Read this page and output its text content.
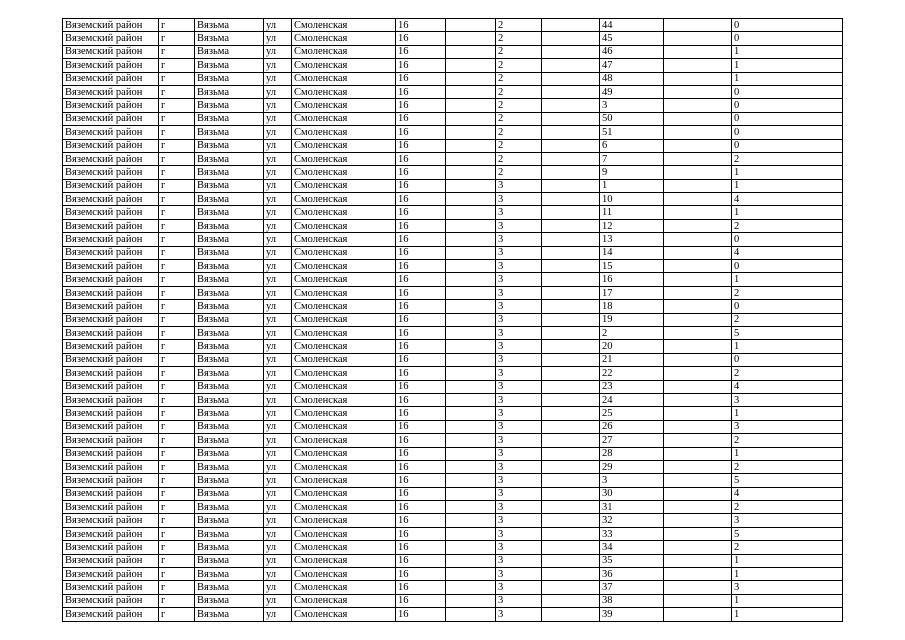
Вяземский район	г	Вязьма	ул	Смоленская	16		2		44		0
Вяземский район	г	Вязьма	ул	Смоленская	16		2		45		0
Вяземский район	г	Вязьма	ул	Смоленская	16		2		46		1
Вяземский район	г	Вязьма	ул	Смоленская	16		2		47		1
Вяземский район	г	Вязьма	ул	Смоленская	16		2		48		1
Вяземский район	г	Вязьма	ул	Смоленская	16		2		49		0
Вяземский район	г	Вязьма	ул	Смоленская	16		2		3		0
Вяземский район	г	Вязьма	ул	Смоленская	16		2		50		0
Вяземский район	г	Вязьма	ул	Смоленская	16		2		51		0
Вяземский район	г	Вязьма	ул	Смоленская	16		2		6		0
Вяземский район	г	Вязьма	ул	Смоленская	16		2		7		2
Вяземский район	г	Вязьма	ул	Смоленская	16		2		9		1
Вяземский район	г	Вязьма	ул	Смоленская	16		3		1		1
Вяземский район	г	Вязьма	ул	Смоленская	16		3		10		4
Вяземский район	г	Вязьма	ул	Смоленская	16		3		11		1
Вяземский район	г	Вязьма	ул	Смоленская	16		3		12		2
Вяземский район	г	Вязьма	ул	Смоленская	16		3		13		0
Вяземский район	г	Вязьма	ул	Смоленская	16		3		14		4
Вяземский район	г	Вязьма	ул	Смоленская	16		3		15		0
Вяземский район	г	Вязьма	ул	Смоленская	16		3		16		1
Вяземский район	г	Вязьма	ул	Смоленская	16		3		17		2
Вяземский район	г	Вязьма	ул	Смоленская	16		3		18		0
Вяземский район	г	Вязьма	ул	Смоленская	16		3		19		2
Вяземский район	г	Вязьма	ул	Смоленская	16		3		2		5
Вяземский район	г	Вязьма	ул	Смоленская	16		3		20		1
Вяземский район	г	Вязьма	ул	Смоленская	16		3		21		0
Вяземский район	г	Вязьма	ул	Смоленская	16		3		22		2
Вяземский район	г	Вязьма	ул	Смоленская	16		3		23		4
Вяземский район	г	Вязьма	ул	Смоленская	16		3		24		3
Вяземский район	г	Вязьма	ул	Смоленская	16		3		25		1
Вяземский район	г	Вязьма	ул	Смоленская	16		3		26		3
Вяземский район	г	Вязьма	ул	Смоленская	16		3		27		2
Вяземский район	г	Вязьма	ул	Смоленская	16		3		28		1
Вяземский район	г	Вязьма	ул	Смоленская	16		3		29		2
Вяземский район	г	Вязьма	ул	Смоленская	16		3		3		5
Вяземский район	г	Вязьма	ул	Смоленская	16		3		30		4
Вяземский район	г	Вязьма	ул	Смоленская	16		3		31		2
Вяземский район	г	Вязьма	ул	Смоленская	16		3		32		3
Вяземский район	г	Вязьма	ул	Смоленская	16		3		33		5
Вяземский район	г	Вязьма	ул	Смоленская	16		3		34		2
Вяземский район	г	Вязьма	ул	Смоленская	16		3		35		1
Вяземский район	г	Вязьма	ул	Смоленская	16		3		36		1
Вяземский район	г	Вязьма	ул	Смоленская	16		3		37		3
Вяземский район	г	Вязьма	ул	Смоленская	16		3		38		1
Вяземский район	г	Вязьма	ул	Смоленская	16		3		39		1
